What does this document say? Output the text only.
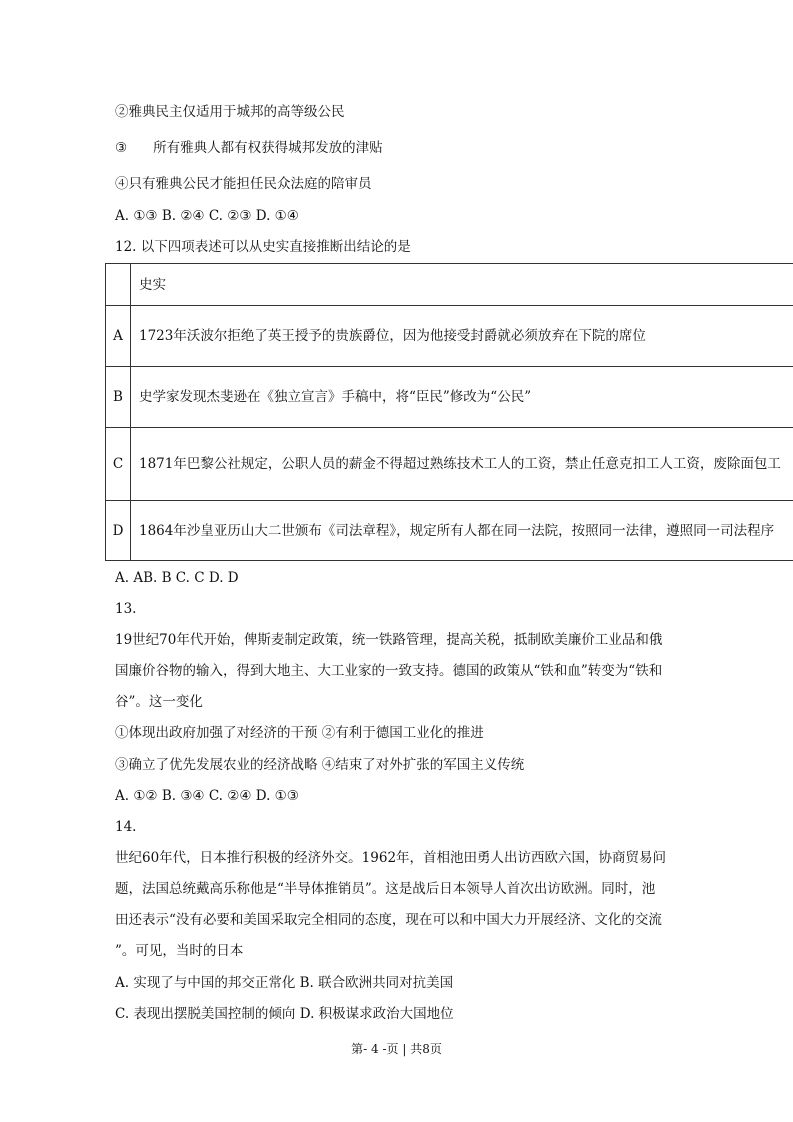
②雅典民主仅适用于城邦的高等级公民
③ 所有雅典人都有权获得城邦发放的津贴
④只有雅典公民才能担任民众法庭的陪审员
A. ①③ B. ②④ C. ②③ D. ①④
12. 以下四项表述可以从史实直接推断出结论的是
	史实
A	1723年沃波尔拒绝了英王授予的贵族爵位，因为他接受封爵就必须放弃在下院的席位
B	史学家发现杰斐逊在《独立宣言》手稿中，将“臣民”修改为“公民”
C	1871年巴黎公社规定，公职人员的薪金不得超过熟练技术工人的工资，禁止任意克扣工人工资，废除面包工
D	1864年沙皇亚历山大二世颁布《司法章程》，规定所有人都在同一法院，按照同一法律，遵照同一司法程序
A. AB. B C. C D. D
13.
19世纪70年代开始，俾斯麦制定政策，统一铁路管理，提高关税，抵制欧美廉价工业品和俄
国廉价谷物的输入，得到大地主、大工业家的一致支持。德国的政策从“铁和血”转变为“铁和
谷”。这一变化
①体现出政府加强了对经济的干预 ②有利于德国工业化的推进
③确立了优先发展农业的经济战略 ④结束了对外扩张的军国主义传统
A. ①② B. ③④ C. ②④ D. ①③
14.
世纪60年代，日本推行积极的经济外交。1962年，首相池田勇人出访西欧六国，协商贸易问
题，法国总统戴高乐称他是“半导体推销员”。这是战后日本领导人首次出访欧洲。同时，池
田还表示“没有必要和美国采取完全相同的态度，现在可以和中国大力开展经济、文化的交流
”。可见，当时的日本
A. 实现了与中国的邦交正常化 B. 联合欧洲共同对抗美国
C. 表现出摆脱美国控制的倾向 D. 积极谋求政治大国地位
第- 4 -页 | 共8页
